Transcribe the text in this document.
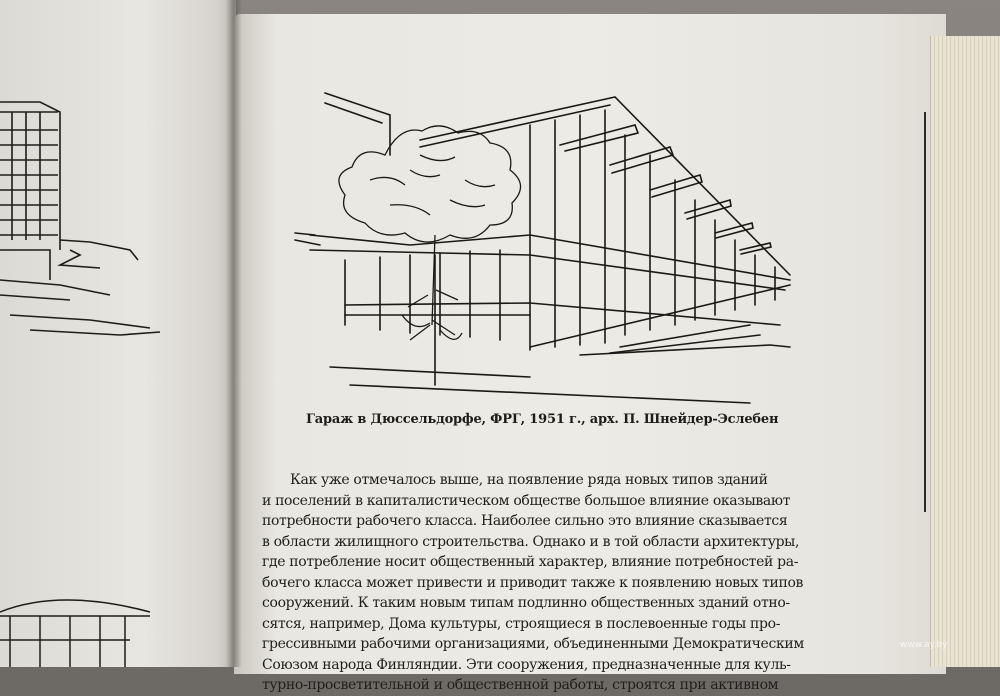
Гараж в Дюссельдорфе, ФРГ, 1951 г., арх. П. Шнейдер-Эслебен
Как уже отмечалось выше, на появление ряда новых типов зданий
и поселений в капиталистическом обществе большое влияние оказывают
потребности рабочего класса. Наиболее сильно это влияние сказывается
в области жилищного строительства. Однако и в той области архитектуры,
где потребление носит общественный характер, влияние потребностей ра-
бочего класса может привести и приводит также к появлению новых типов
сооружений. К таким новым типам подлинно общественных зданий отно-
сятся, например, Дома культуры, строящиеся в послевоенные годы про-
грессивными рабочими организациями, объединенными Демократическим
Союзом народа Финляндии. Эти сооружения, предназначенные для куль-
турно-просветительной и общественной работы, строятся при активном
www.ay.by
